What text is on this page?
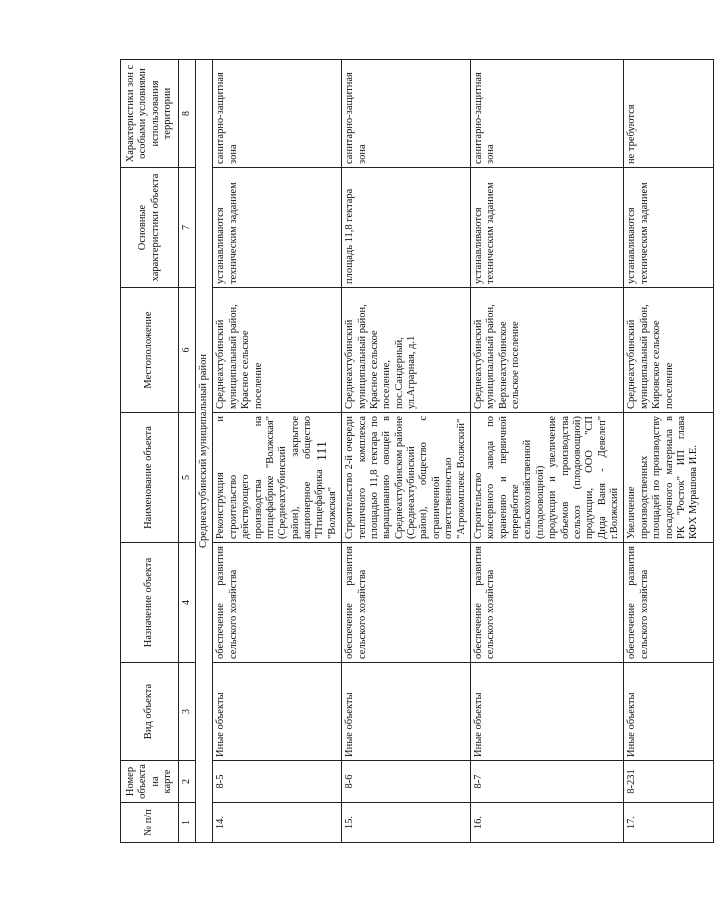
111
№ п/п	Номер объекта на карте	Вид объекта	Назначение объекта	Наименование объекта	Местоположение	Основные характеристики объекта	Характеристики зон с особыми условиями использования территории
1	2	3	4	5	6	7	8
Среднеахтубинский муниципальный район							
14.	8-5	Иные объекты	обеспечение развития сельского хозяйства	Реконструкция и строительство действующего производства на птицефабрике "Волжская" (Среднеахтубинский район), закрытое акционерное общество "Птицефабрика "Волжская"	Среднеахтубинский муниципальный район, Красное сельское поселение	устанавливаются техническим заданием	санитарно-защитная зона
15.	8-6	Иные объекты	обеспечение развития сельского хозяйства	Строительство 2-й очереди тепличного комплекса площадью 11,8 гектара по выращиванию овощей в Среднеахтубинском районе (Среднеахтубинский район), общество с ограниченной ответственностью "Агрокомплекс Волжский"	Среднеахтубинский муниципальный район, Красное сельское поселение, пос.Сандерный, ул.Аграрная, д.1	площадь 11,8 гектара	санитарно-защитная зона
16.	8-7	Иные объекты	обеспечение развития сельского хозяйства	Строительство консервного завода по хранению и первичной переработке сельскохозяйственной (плодоовощной) продукции и увеличение объемов производства сельхоз (плодоовощной) продукции, ООО "СП Дида Ваня - Девелеп" г.Волжский	Среднеахтубинский муниципальный район, Верхнеахтубинское сельское поселение	устанавливаются техническим заданием	санитарно-защитная зона
17.	8-231	Иные объекты	обеспечение развития сельского хозяйства	Увеличение производственных площадей по производству посадочного материала в РК "Росток" ИП глава КФХ Мурашова И.Е.	Среднеахтубинский муниципальный район, Кировское сельское поселение	устанавливаются техническим заданием	не требуются
